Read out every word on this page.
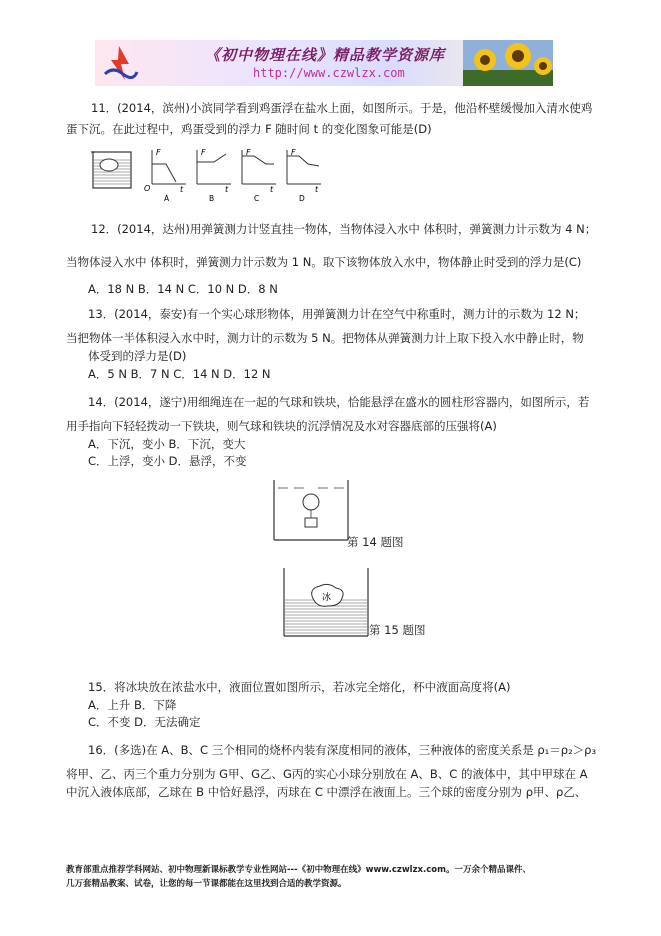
《初中物理在线》精品教学资源库
http://www.czwlzx.com
11．(2014，滨州)小滨同学看到鸡蛋浮在盐水上面，如图所示。于是，他沿杯壁缓慢加入清水使鸡
蛋下沉。在此过程中，鸡蛋受到的浮力 F 随时间 t 的变化图象可能是(D)
F
O	t
A
F
t
B
F
t
C
F
t
D
12．(2014，达州)用弹簧测力计竖直挂一物体，当物体浸入水中 体积时，弹簧测力计示数为 4 N；
当物体浸入水中 体积时，弹簧测力计示数为 1 N。取下该物体放入水中，物体静止时受到的浮力是(C)
A．18 N B．14 N C．10 N D．8 N
13．(2014，泰安)有一个实心球形物体，用弹簧测力计在空气中称重时，测力计的示数为 12 N；
当把物体一半体积浸入水中时，测力计的示数为 5 N。把物体从弹簧测力计上取下投入水中静止时，物
体受到的浮力是(D)
A．5 N B．7 N C．14 N D．12 N
14．(2014，遂宁)用细绳连在一起的气球和铁块，恰能悬浮在盛水的圆柱形容器内，如图所示，若
用手指向下轻轻拨动一下铁块，则气球和铁块的沉浮情况及水对容器底部的压强将(A)
A．下沉，变小 B．下沉，变大
C．上浮，变小 D．悬浮，不变
第 14 题图
冰
第 15 题图
15．将冰块放在浓盐水中，液面位置如图所示，若冰完全熔化，杯中液面高度将(A)
A．上升 B．下降
C．不变 D．无法确定
16．(多选)在 A、B、C 三个相同的烧杯内装有深度相同的液体，三种液体的密度关系是 ρ₁＝ρ₂＞ρ₃
将甲、乙、丙三个重力分别为 G甲、G乙、G丙的实心小球分别放在 A、B、C 的液体中，其中甲球在 A
中沉入液体底部，乙球在 B 中恰好悬浮，丙球在 C 中漂浮在液面上。三个球的密度分别为 ρ甲、ρ乙、
教育部重点推荐学科网站、初中物理新课标教学专业性网站---《初中物理在线》www.czwlzx.com。一万余个精品课件、
几万套精品教案、试卷，让您的每一节课都能在这里找到合适的教学资源。
